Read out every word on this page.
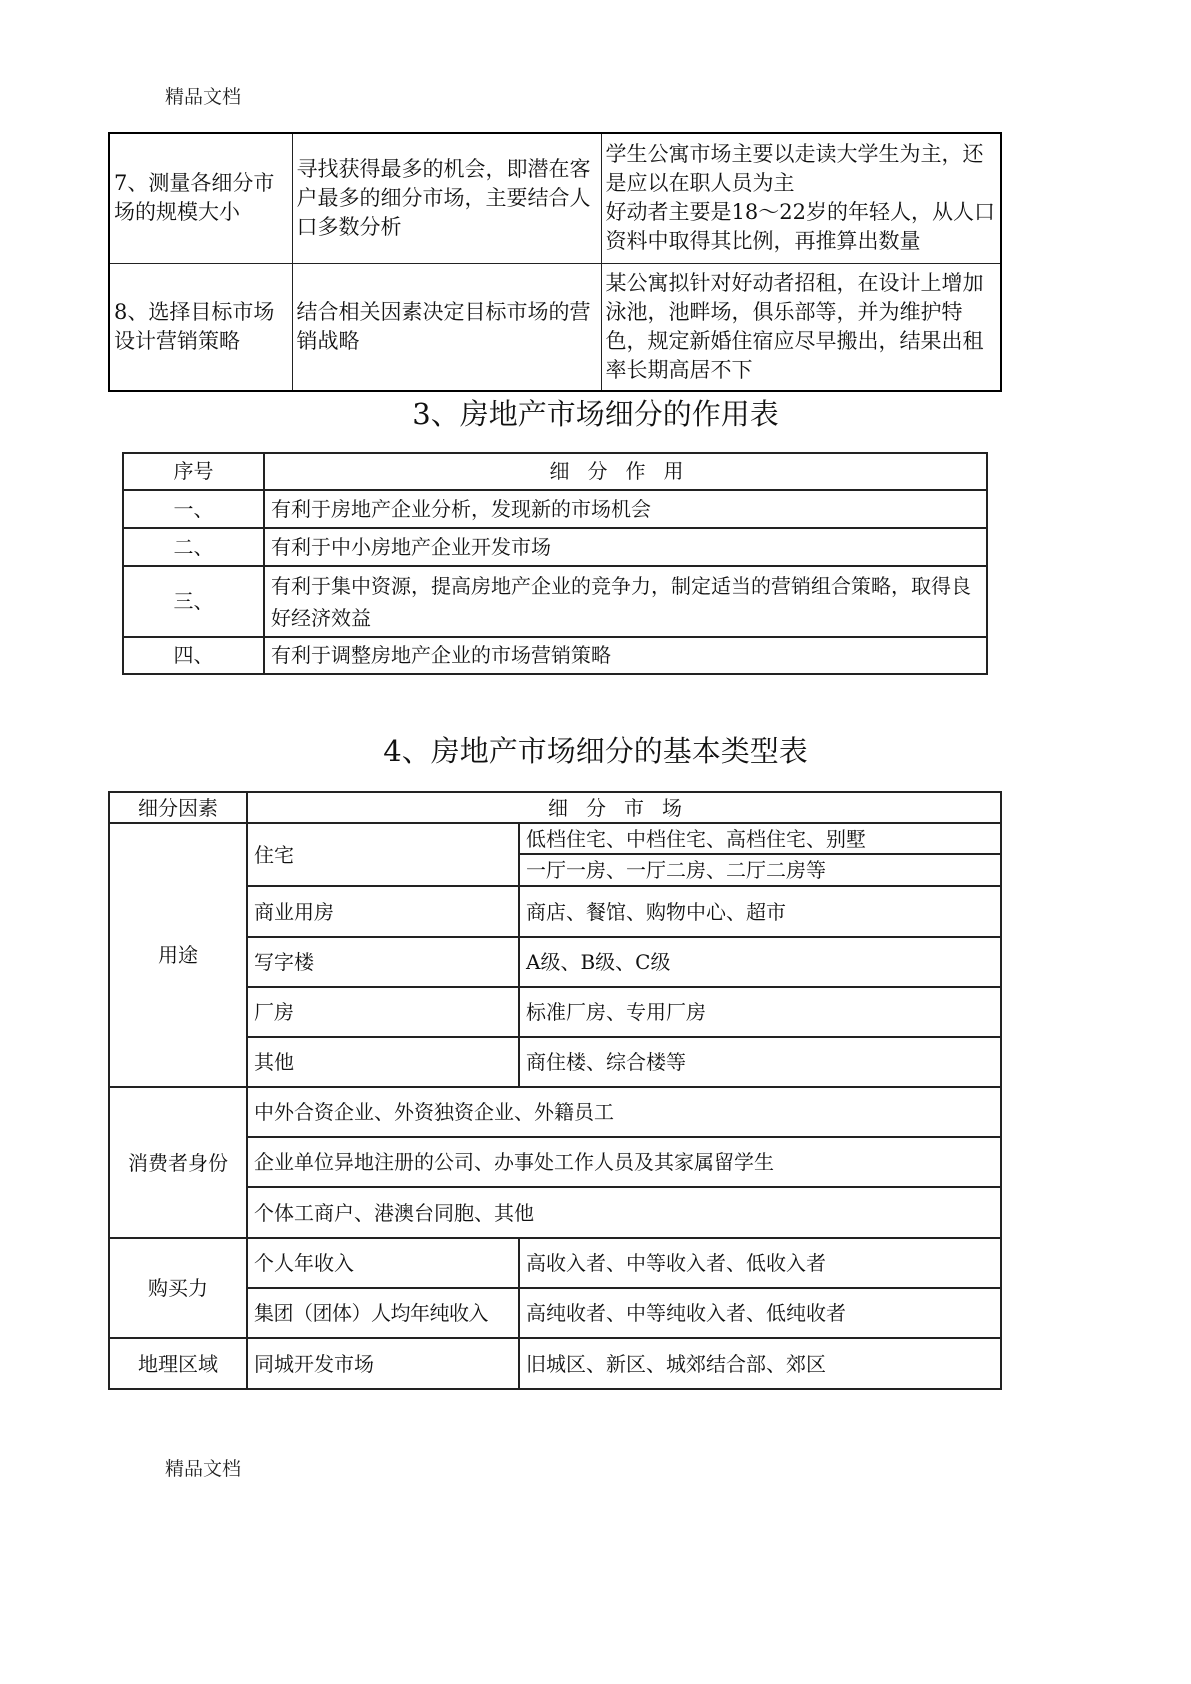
精品文档
7、测量各细分市场的规模大小	寻找获得最多的机会，即潜在客户最多的细分市场，主要结合人口多数分析	学生公寓市场主要以走读大学生为主，还是应以在职人员为主
好动者主要是18～22岁的年轻人，从人口资料中取得其比例，再推算出数量

8、选择目标市场设计营销策略	结合相关因素决定目标市场的营销战略	某公寓拟针对好动者招租，在设计上增加泳池，池畔场，俱乐部等，并为维护特色，规定新婚住宿应尽早搬出，结果出租率长期高居不下
3、房地产市场细分的作用表
序号	细分作用
一、	有利于房地产企业分析，发现新的市场机会
二、	有利于中小房地产企业开发市场
三、	有利于集中资源，提高房地产企业的竞争力，制定适当的营销组合策略，取得良好经济效益
四、	有利于调整房地产企业的市场营销策略
4、房地产市场细分的基本类型表
细分因素	细分市场	
用途	住宅	低档住宅、中档住宅、高档住宅、别墅
		一厅一房、一厅二房、二厅二房等
	商业用房	商店、餐馆、购物中心、超市
	写字楼	A级、B级、C级
	厂房	标准厂房、专用厂房
	其他	商住楼、综合楼等
消费者身份	中外合资企业、外资独资企业、外籍员工	
	企业单位异地注册的公司、办事处工作人员及其家属留学生	
	个体工商户、港澳台同胞、其他	
购买力	个人年收入	高收入者、中等收入者、低收入者
	集团（团体）人均年纯收入	高纯收者、中等纯收入者、低纯收者
地理区域	同城开发市场	旧城区、新区、城郊结合部、郊区
精品文档
